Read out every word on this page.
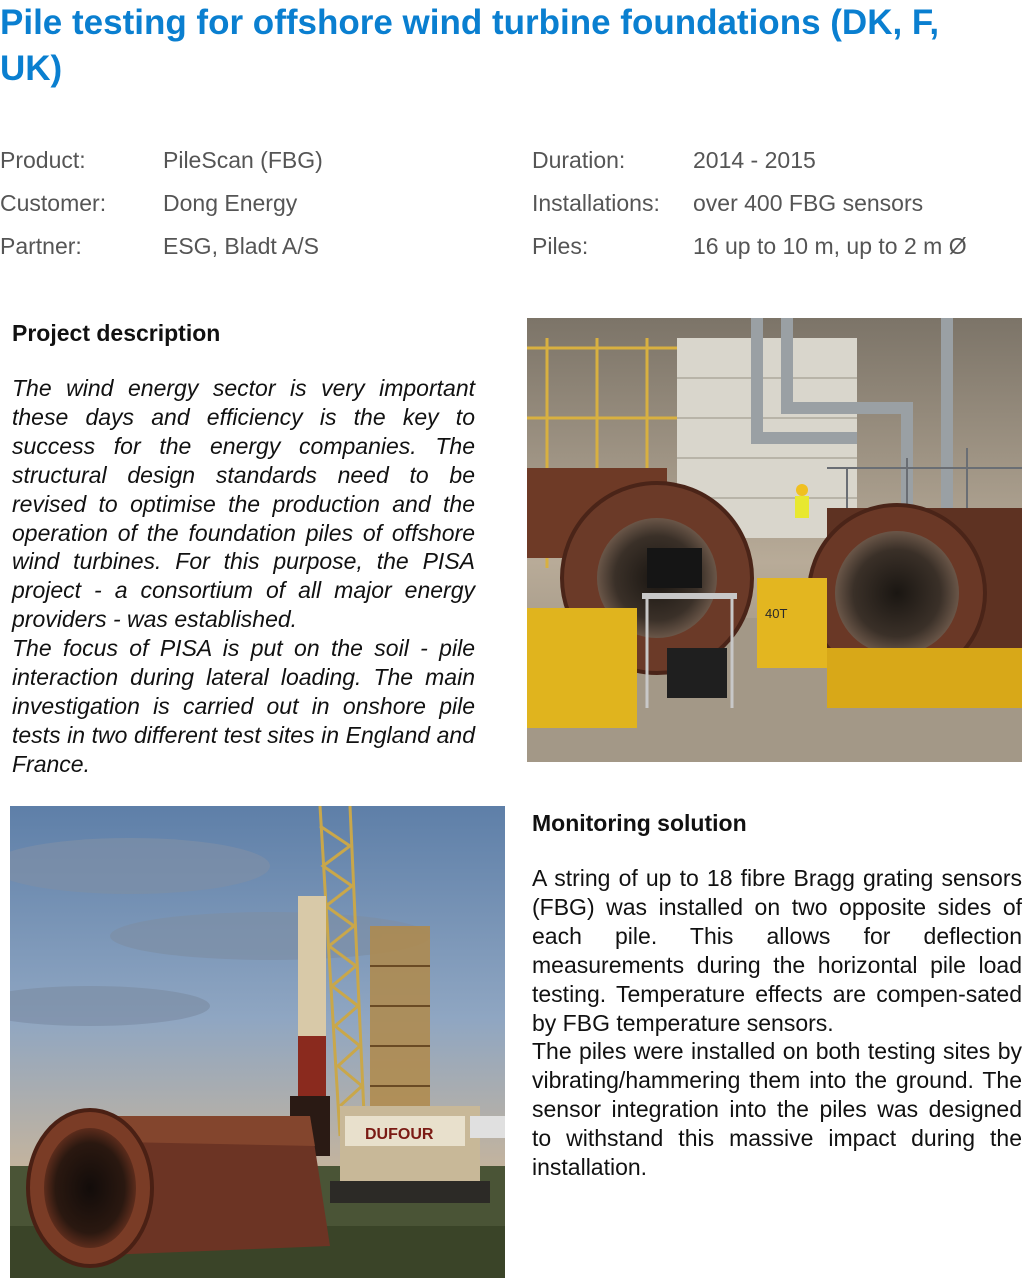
Pile testing for offshore wind turbine foundations (DK, F, UK)
Product:	PileScan (FBG)
Customer: Dong Energy
Partner:	ESG, Bladt A/S
Duration:	2014 - 2015
Installations: over 400 FBG sensors
Piles:	16 up to 10 m, up to 2 m Ø
Project description

The wind energy sector is very important these days and efficiency is the key to success for the energy companies. The structural design standards need to be revised to optimise the production and the operation of the foundation piles of offshore wind turbines. For this purpose, the PISA project - a consortium of all major energy providers - was established.

The focus of PISA is put on the soil - pile interaction during lateral loading. The main investigation is carried out in onshore pile tests in two different test sites in England and France.

40T
DUFOUR
Monitoring solution

A string of up to 18 fibre Bragg grating sensors (FBG) was installed on two opposite sides of each pile. This allows for deflection measurements during the horizontal pile load testing. Temperature effects are compen-sated by FBG temperature sensors.

The piles were installed on both testing sites by vibrating/hammering them into the ground. The sensor integration into the piles was designed to withstand this massive impact during the installation.
